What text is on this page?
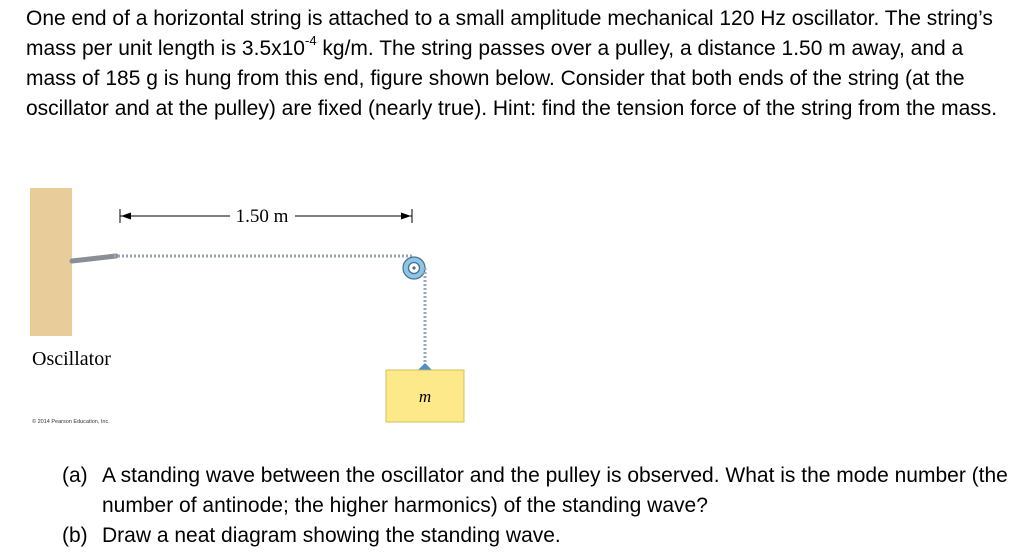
One end of a horizontal string is attached to a small amplitude mechanical 120 Hz oscillator. The string’s mass per unit length is $3.5x10^{-4}$ kg/m. The string passes over a pulley, a distance 1.50 m away, and a mass of 185 g is hung from this end, figure shown below. Consider that both ends of the string (at the oscillator and at the pulley) are fixed (nearly true). Hint: find the tension force of the string from the mass.

m
1.50 m
Oscillator
© 2014 Pearson Education, Inc.
(a) A standing wave between the oscillator and the pulley is observed. What is the mode number (the number of antinode; the higher harmonics) of the standing wave?
(b) Draw a neat diagram showing the standing wave.
